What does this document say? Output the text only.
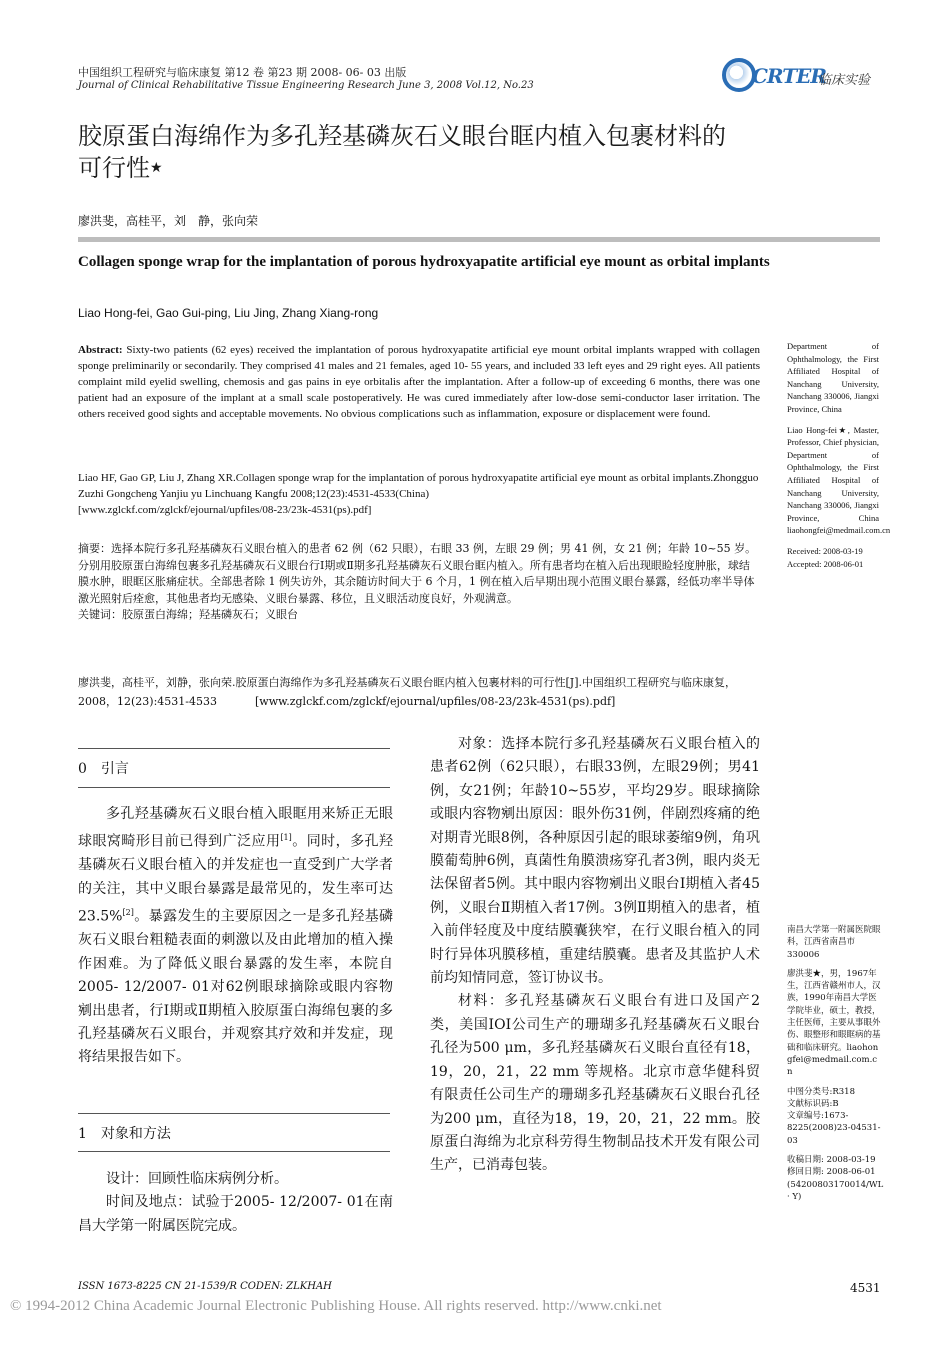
中国组织工程研究与临床康复 第12 卷 第23 期 2008- 06- 03 出版
Journal of Clinical Rehabilitative Tissue Engineering Research June 3, 2008 Vol.12, No.23	CRTER
临床实验
胶原蛋白海绵作为多孔羟基磷灰石义眼台眶内植入包裹材料的
可行性★
廖洪斐，高桂平，刘　静，张向荣
Collagen sponge wrap for the implantation of porous hydroxyapatite artificial eye mount as orbital implants
Liao Hong-fei, Gao Gui-ping, Liu Jing, Zhang Xiang-rong
Abstract: Sixty-two patients (62 eyes) received the implantation of porous hydroxyapatite artificial eye mount orbital implants wrapped with collagen sponge preliminarily or secondarily. They comprised 41 males and 21 females, aged 10- 55 years, and included 33 left eyes and 29 right eyes. All patients complaint mild eyelid swelling, chemosis and gas pains in eye orbitalis after the implantation. After a follow-up of exceeding 6 months, there was one patient had an exposure of the implant at a small scale postoperatively. He was cured immediately after low-dose semi-conductor laser irritation. The others received good sights and acceptable movements. No obvious complications such as inflammation, exposure or displacement were found.
Liao HF, Gao GP, Liu J, Zhang XR.Collagen sponge wrap for the implantation of porous hydroxyapatite artificial eye mount as orbital implants.Zhongguo Zuzhi Gongcheng Yanjiu yu Linchuang Kangfu 2008;12(23):4531-4533(China)
[www.zglckf.com/zglckf/ejournal/upfiles/08-23/23k-4531(ps).pdf]
摘要：选择本院行多孔羟基磷灰石义眼台植入的患者 62 例（62 只眼），右眼 33 例，左眼 29 例；男 41 例，女 21 例；年龄 10~55 岁。分别用胶原蛋白海绵包裹多孔羟基磷灰石义眼台行Ⅰ期或Ⅱ期多孔羟基磷灰石义眼台眶内植入。所有患者均在植入后出现眼睑轻度肿胀，球结膜水肿，眼眶区胀痛症状。全部患者除 1 例失访外，其余随访时间大于 6 个月，1 例在植入后早期出现小范围义眼台暴露，经低功率半导体激光照射后痊愈，其他患者均无感染、义眼台暴露、移位，且义眼活动度良好，外观满意。
关键词：胶原蛋白海绵；羟基磷灰石；义眼台
廖洪斐，高桂平，刘静，张向荣.胶原蛋白海绵作为多孔羟基磷灰石义眼台眶内植入包裹材料的可行性[J].中国组织工程研究与临床康复，2008，12(23):4531-4533	[www.zglckf.com/zglckf/ejournal/upfiles/08-23/23k-4531(ps).pdf]

Department of Ophthalmology, the First Affiliated Hospital of Nanchang University, Nanchang 330006, Jiangxi Province, China

Liao Hong-fei★, Master, Professor, Chief physician, Department of Ophthalmology, the First Affiliated Hospital of Nanchang University, Nanchang 330006, Jiangxi Province, China liaohongfei@medmail.com.cn

Received: 2008-03-19
Accepted: 2008-06-01

南昌大学第一附属医院眼科，江西省南昌市 330006

廖洪斐★，男，1967年生，江西省赣州市人，汉族，1990年南昌大学医学院毕业，硕士，教授，主任医师，主要从事眼外伤、眼整形和眼眶病的基础和临床研究。liaohongfei@medmail.com.cn

中图分类号:R318
文献标识码:B

文章编号:1673-8225(2008)23-04531-03

收稿日期: 2008-03-19
修回日期: 2008-06-01
(54200803170014/WL · Y)
0　引言

多孔羟基磷灰石义眼台植入眼眶用来矫正无眼球眼窝畸形目前已得到广泛应用[1]。同时，多孔羟基磷灰石义眼台植入的并发症也一直受到广大学者的关注，其中义眼台暴露是最常见的，发生率可达23.5%[2]。暴露发生的主要原因之一是多孔羟基磷灰石义眼台粗糙表面的刺激以及由此增加的植入操作困难。为了降低义眼台暴露的发生率，本院自2005- 12/2007- 01对62例眼球摘除或眼内容物剜出患者，行Ⅰ期或Ⅱ期植入胶原蛋白海绵包裹的多孔羟基磷灰石义眼台，并观察其疗效和并发症，现将结果报告如下。

1　对象和方法

设计：回顾性临床病例分析。

时间及地点：试验于2005- 12/2007- 01在南昌大学第一附属医院完成。

对象：选择本院行多孔羟基磷灰石义眼台植入的患者62例（62只眼），右眼33例，左眼29例；男41例，女21例；年龄10~55岁，平均29岁。眼球摘除或眼内容物剜出原因：眼外伤31例，伴剧烈疼痛的绝对期青光眼8例，各种原因引起的眼球萎缩9例，角巩膜葡萄肿6例，真菌性角膜溃疡穿孔者3例，眼内炎无法保留者5例。其中眼内容物剜出义眼台Ⅰ期植入者45例，义眼台Ⅱ期植入者17例。3例Ⅱ期植入的患者，植入前伴轻度及中度结膜囊狭窄，在行义眼台植入的同时行异体巩膜移植，重建结膜囊。患者及其监护人术前均知情同意，签订协议书。

材料：多孔羟基磷灰石义眼台有进口及国产2类，美国IOI公司生产的珊瑚多孔羟基磷灰石义眼台孔径为500 μm，多孔羟基磷灰石义眼台直径有18，19，20，21，22 mm 等规格。北京市意华健科贸有限责任公司生产的珊瑚多孔羟基磷灰石义眼台孔径为200 μm，直径为18，19，20，21，22 mm。胶原蛋白海绵为北京科劳得生物制品技术开发有限公司生产，已消毒包装。

ISSN 1673-8225 CN 21-1539/R CODEN: ZLKHAH	4531
© 1994-2012 China Academic Journal Electronic Publishing House. All rights reserved. http://www.cnki.net
